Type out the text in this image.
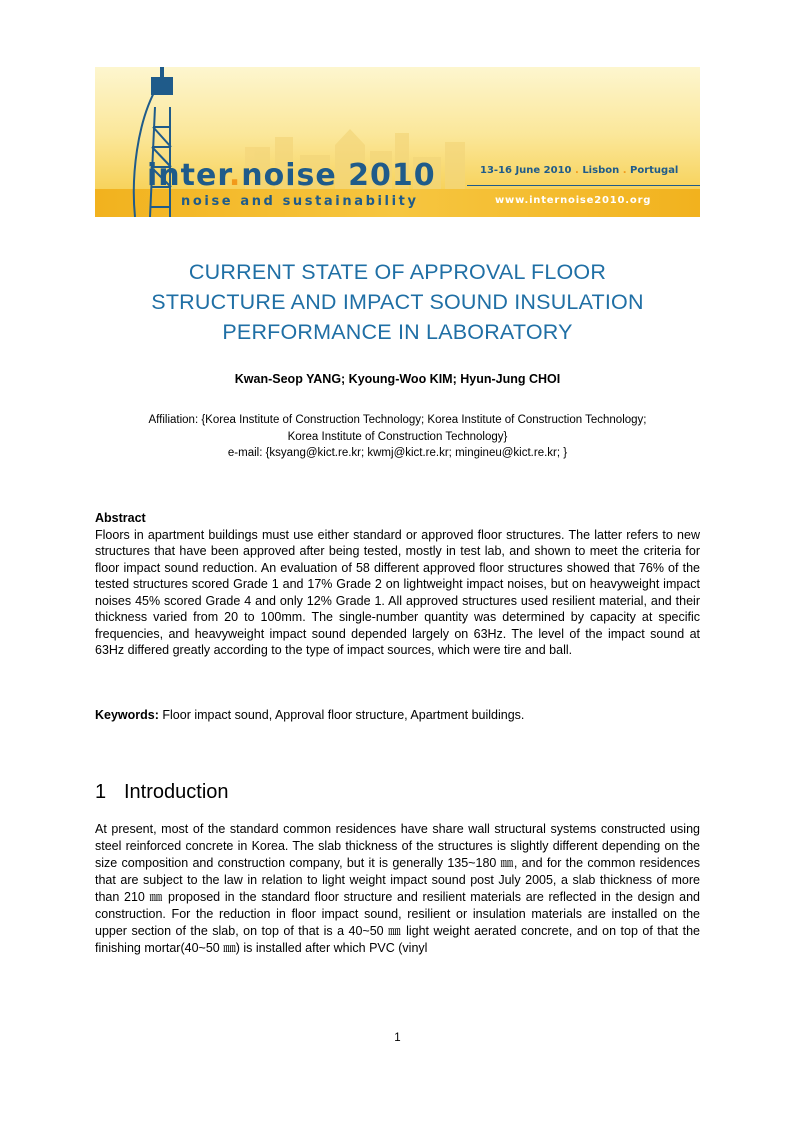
inter.noise 2010
noise and sustainability
13-16 June 2010 . Lisbon . Portugal
www.internoise2010.org
CURRENT STATE OF APPROVAL FLOOR
STRUCTURE AND IMPACT SOUND INSULATION
PERFORMANCE IN LABORATORY
Kwan-Seop YANG; Kyoung-Woo KIM; Hyun-Jung CHOI
Affiliation: {Korea Institute of Construction Technology; Korea Institute of Construction Technology;
Korea Institute of Construction Technology}
e-mail: {ksyang@kict.re.kr; kwmj@kict.re.kr; mingineu@kict.re.kr; }
Abstract

Floors in apartment buildings must use either standard or approved floor structures. The latter refers to new structures that have been approved after being tested, mostly in test lab, and shown to meet the criteria for floor impact sound reduction. An evaluation of 58 different approved floor structures showed that 76% of the tested structures scored Grade 1 and 17% Grade 2 on lightweight impact noises, but on heavyweight impact noises 45% scored Grade 4 and only 12% Grade 1. All approved structures used resilient material, and their thickness varied from 20 to 100mm. The single-number quantity was determined by capacity at specific frequencies, and heavyweight impact sound depended largely on 63Hz. The level of the impact sound at 63Hz differed greatly according to the type of impact sources, which were tire and ball.

Keywords: Floor impact sound, Approval floor structure, Apartment buildings.
1 Introduction

At present, most of the standard common residences have share wall structural systems constructed using steel reinforced concrete in Korea. The slab thickness of the structures is slightly different depending on the size composition and construction company, but it is generally 135~180 ㎜, and for the common residences that are subject to the law in relation to light weight impact sound post July 2005, a slab thickness of more than 210 ㎜ proposed in the standard floor structure and resilient materials are reflected in the design and construction. For the reduction in floor impact sound, resilient or insulation materials are installed on the upper section of the slab, on top of that is a 40~50 ㎜ light weight aerated concrete, and on top of that the finishing mortar(40~50 ㎜) is installed after which PVC (vinyl

1
